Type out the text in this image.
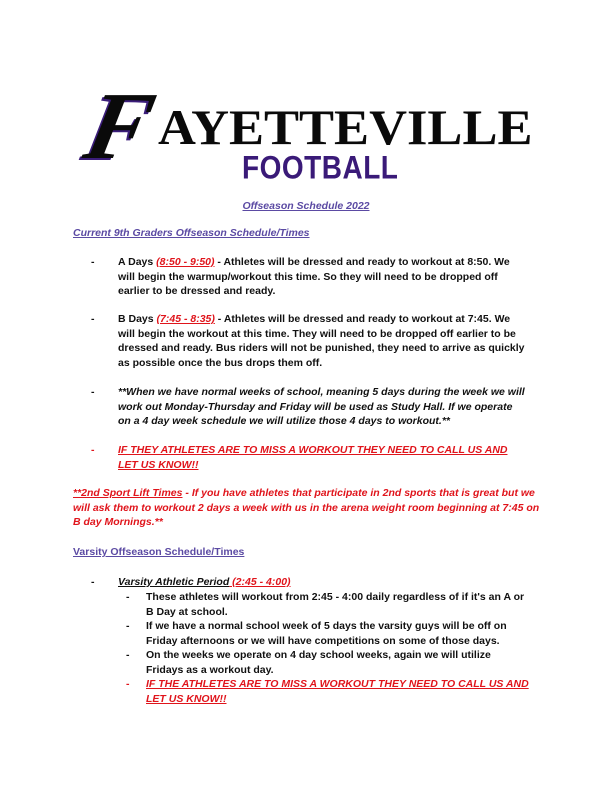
F
AYETTEVILLE
FOOTBALL
Offseason Schedule 2022
Current 9th Graders Offseason Schedule/Times
- A Days (8:50 - 9:50) - Athletes will be dressed and ready to workout at 8:50. We will begin the warmup/workout this time. So they will need to be dropped off earlier to be dressed and ready.
- B Days (7:45 - 8:35) - Athletes will be dressed and ready to workout at 7:45. We will begin the workout at this time. They will need to be dropped off earlier to be dressed and ready. Bus riders will not be punished, they need to arrive as quickly as possible once the bus drops them off.
- **When we have normal weeks of school, meaning 5 days during the week we will work out Monday-Thursday and Friday will be used as Study Hall. If we operate on a 4 day week schedule we will utilize those 4 days to workout.**
- IF THEY ATHLETES ARE TO MISS A WORKOUT THEY NEED TO CALL US AND LET US KNOW!!
**2nd Sport Lift Times - If you have athletes that participate in 2nd sports that is great but we will ask them to workout 2 days a week with us in the arena weight room beginning at 7:45 on B day Mornings.**
Varsity Offseason Schedule/Times
- Varsity Athletic Period (2:45 - 4:00)
- These athletes will workout from 2:45 - 4:00 daily regardless of if it's an A or B Day at school.
- If we have a normal school week of 5 days the varsity guys will be off on Friday afternoons or we will have competitions on some of those days.
- On the weeks we operate on 4 day school weeks, again we will utilize Fridays as a workout day.
- IF THE ATHLETES ARE TO MISS A WORKOUT THEY NEED TO CALL US AND LET US KNOW!!
